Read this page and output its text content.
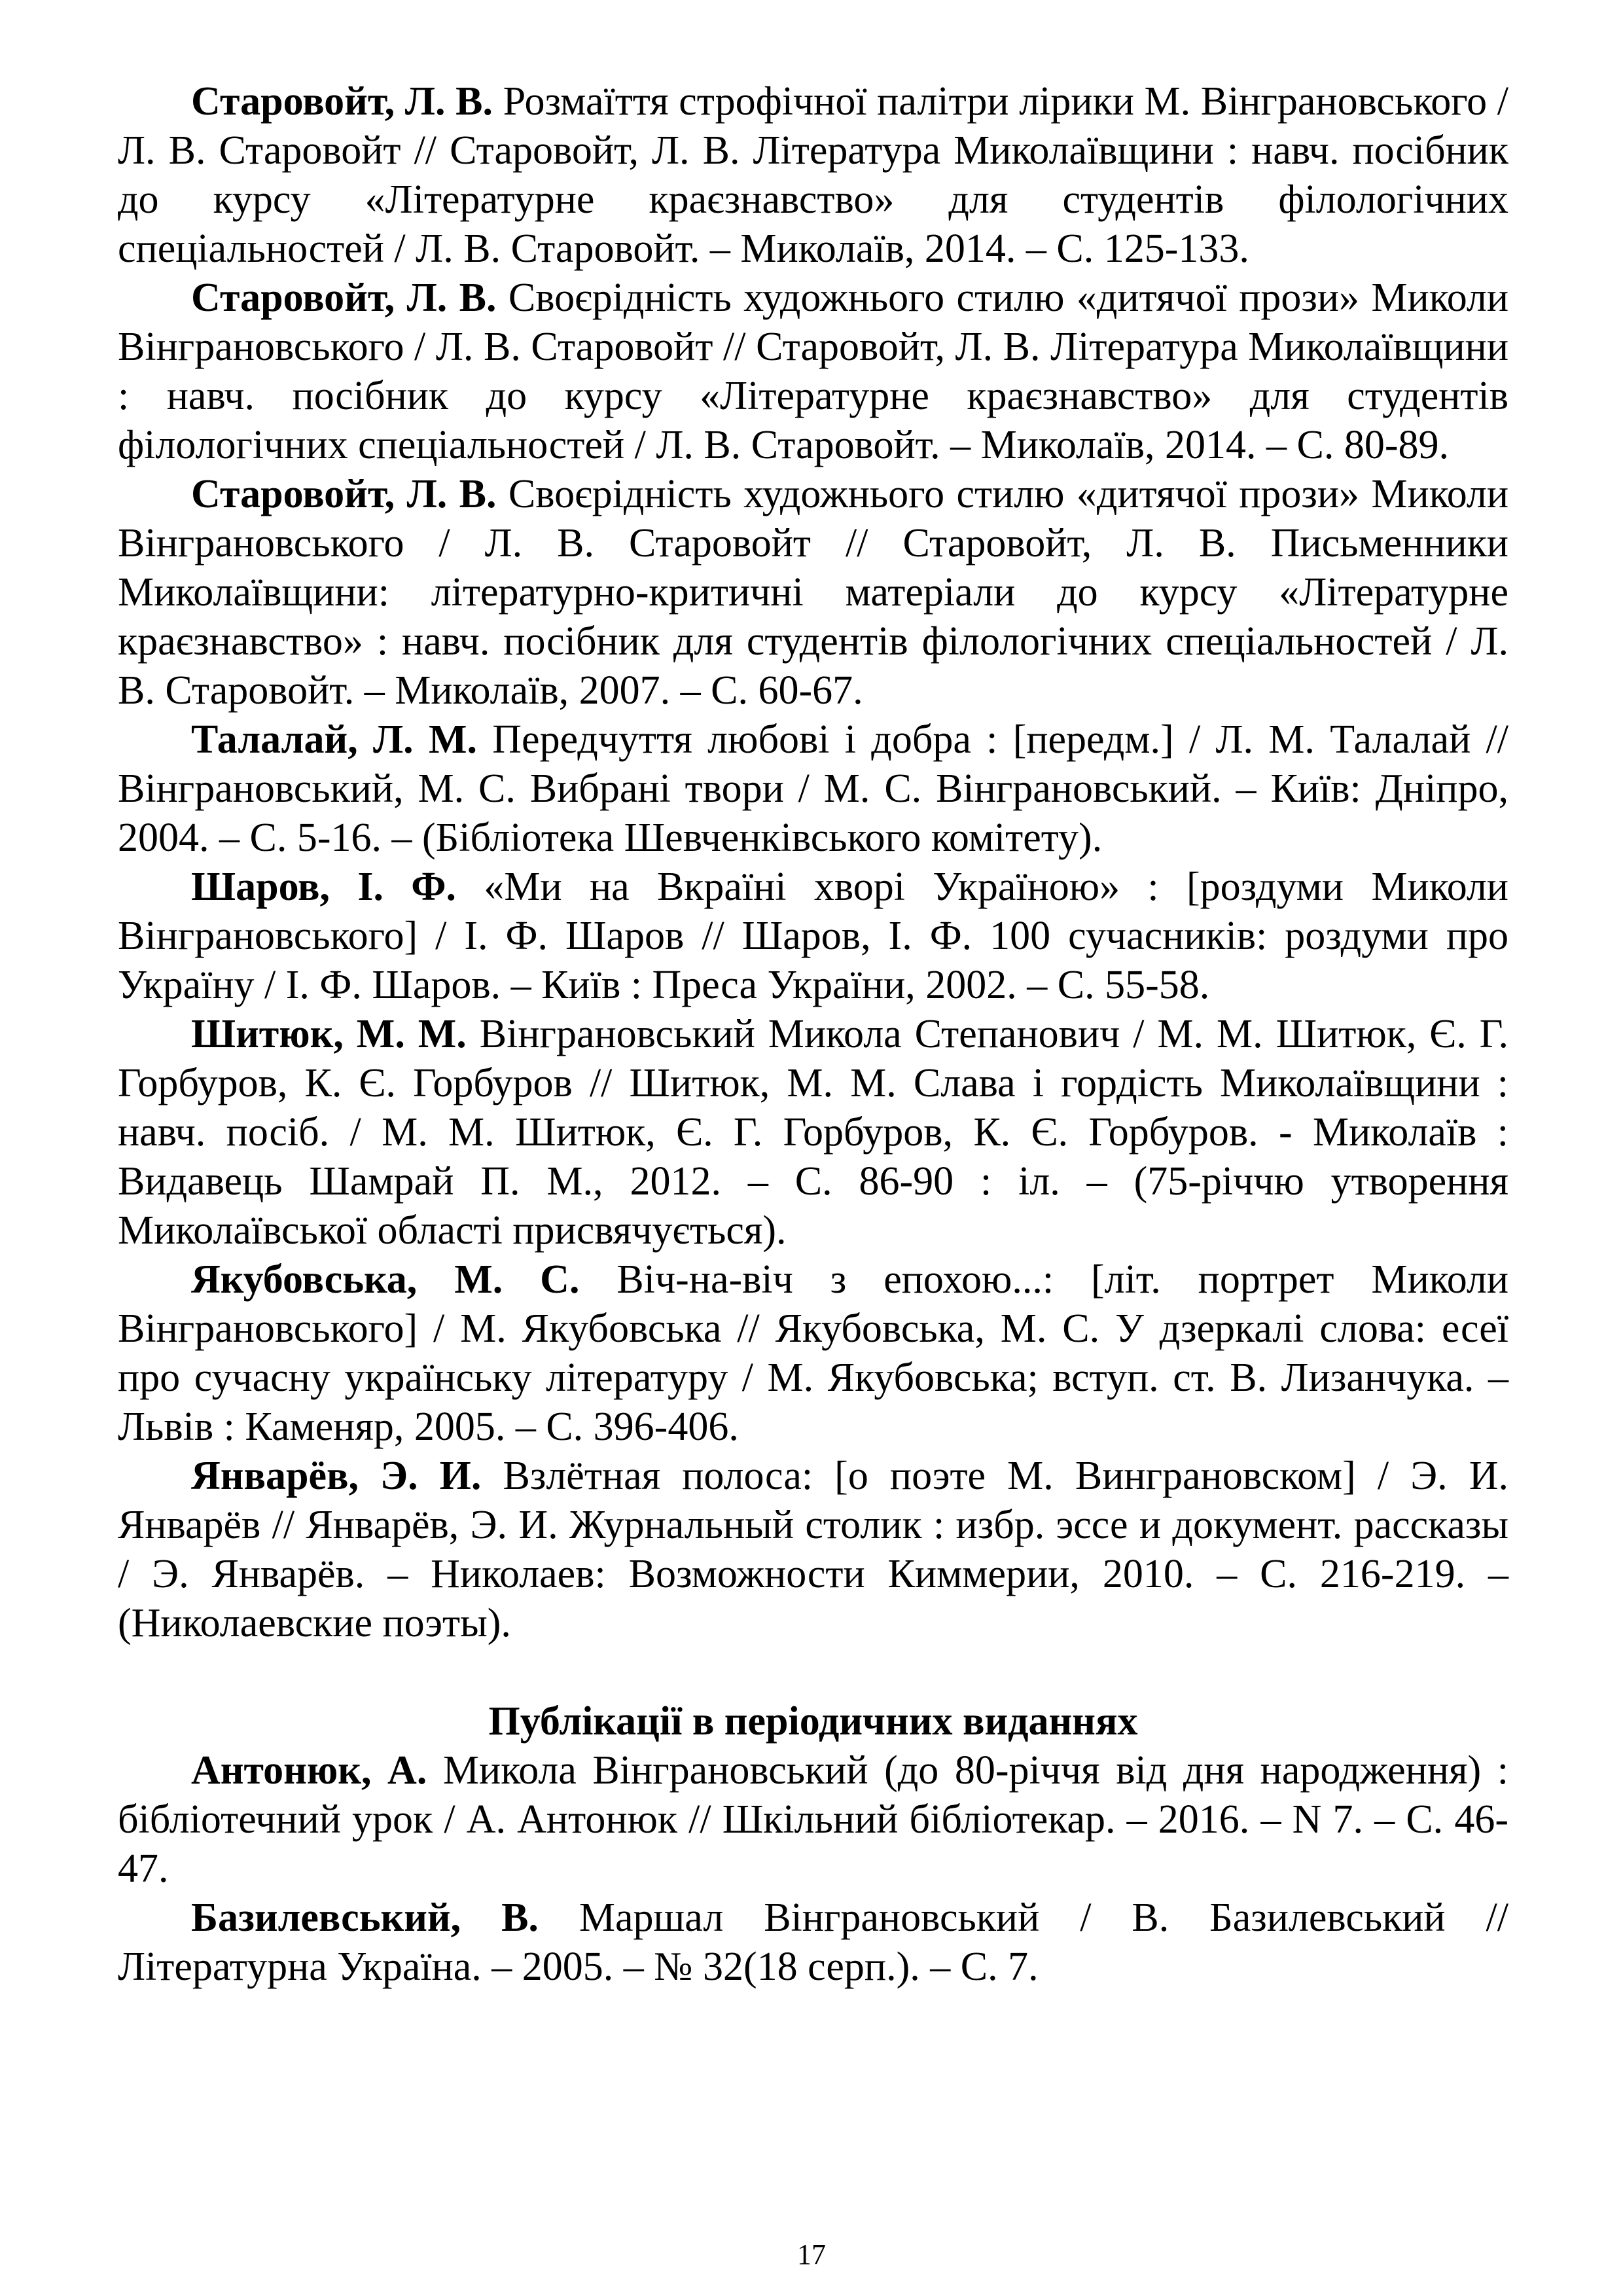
Старовойт, Л. В. Розмаїття строфічної палітри лірики М. Вінграновського / Л. В. Старовойт // Старовойт, Л. В. Література Миколаївщини : навч. посібник до курсу «Літературне краєзнавство» для студентів філологічних спеціальностей / Л. В. Старовойт. – Миколаїв, 2014. – С. 125-133.

Старовойт, Л. В. Своєрідність художнього стилю «дитячої прози» Миколи Вінграновського / Л. В. Старовойт // Старовойт, Л. В. Література Миколаївщини : навч. посібник до курсу «Літературне краєзнавство» для студентів філологічних спеціальностей / Л. В. Старовойт. – Миколаїв, 2014. – С. 80-89.

Старовойт, Л. В. Своєрідність художнього стилю «дитячої прози» Миколи Вінграновського / Л. В. Старовойт // Старовойт, Л. В. Письменники Миколаївщини: літературно-критичні матеріали до курсу «Літературне краєзнавство» : навч. посібник для студентів філологічних спеціальностей / Л. В. Старовойт. – Миколаїв, 2007. – С. 60-67.

Талалай, Л. М. Передчуття любові і добра : [передм.] / Л. М. Талалай // Вінграновський, М. С. Вибрані твори / М. С. Вінграновський. – Київ: Дніпро, 2004. – С. 5-16. – (Бібліотека Шевченківського комітету).

Шаров, І. Ф. «Ми на Вкраїні хворі Україною» : [роздуми Миколи Вінграновського] / І. Ф. Шаров // Шаров, І. Ф. 100 сучасників: роздуми про Україну / І. Ф. Шаров. – Київ : Преса України, 2002. – С. 55-58.

Шитюк, М. М. Вінграновський Микола Степанович / М. М. Шитюк, Є. Г. Горбуров, К. Є. Горбуров // Шитюк, М. М. Слава і гордість Миколаївщини : навч. посіб. / М. М. Шитюк, Є. Г. Горбуров, К. Є. Горбуров. - Миколаїв : Видавець Шамрай П. М., 2012. – С. 86-90 : іл. – (75-річчю утворення Миколаївської області присвячується).

Якубовська, М. С. Віч-на-віч з епохою...: [літ. портрет Миколи Вінграновського] / М. Якубовська // Якубовська, М. С. У дзеркалі слова: есеї про сучасну українську літературу / М. Якубовська; вступ. ст. В. Лизанчука. – Львів : Каменяр, 2005. – С. 396-406.

Январёв, Э. И. Взлётная полоса: [о поэте М. Винграновском] / Э. И. Январёв // Январёв, Э. И. Журнальный столик : избр. эссе и документ. рассказы / Э. Январёв. – Николаев: Возможности Киммерии, 2010. – С. 216-219. – (Николаевские поэты).

Публікації в періодичних виданнях

Антонюк, А. Микола Вінграновський (до 80-річчя від дня народження) : бібліотечний урок / А. Антонюк // Шкільний бібліотекар. – 2016. – N 7. – С. 46-47.

Базилевський, В. Маршал Вінграновський / В. Базилевський // Літературна Україна. – 2005. – № 32(18 серп.). – С. 7.

17
